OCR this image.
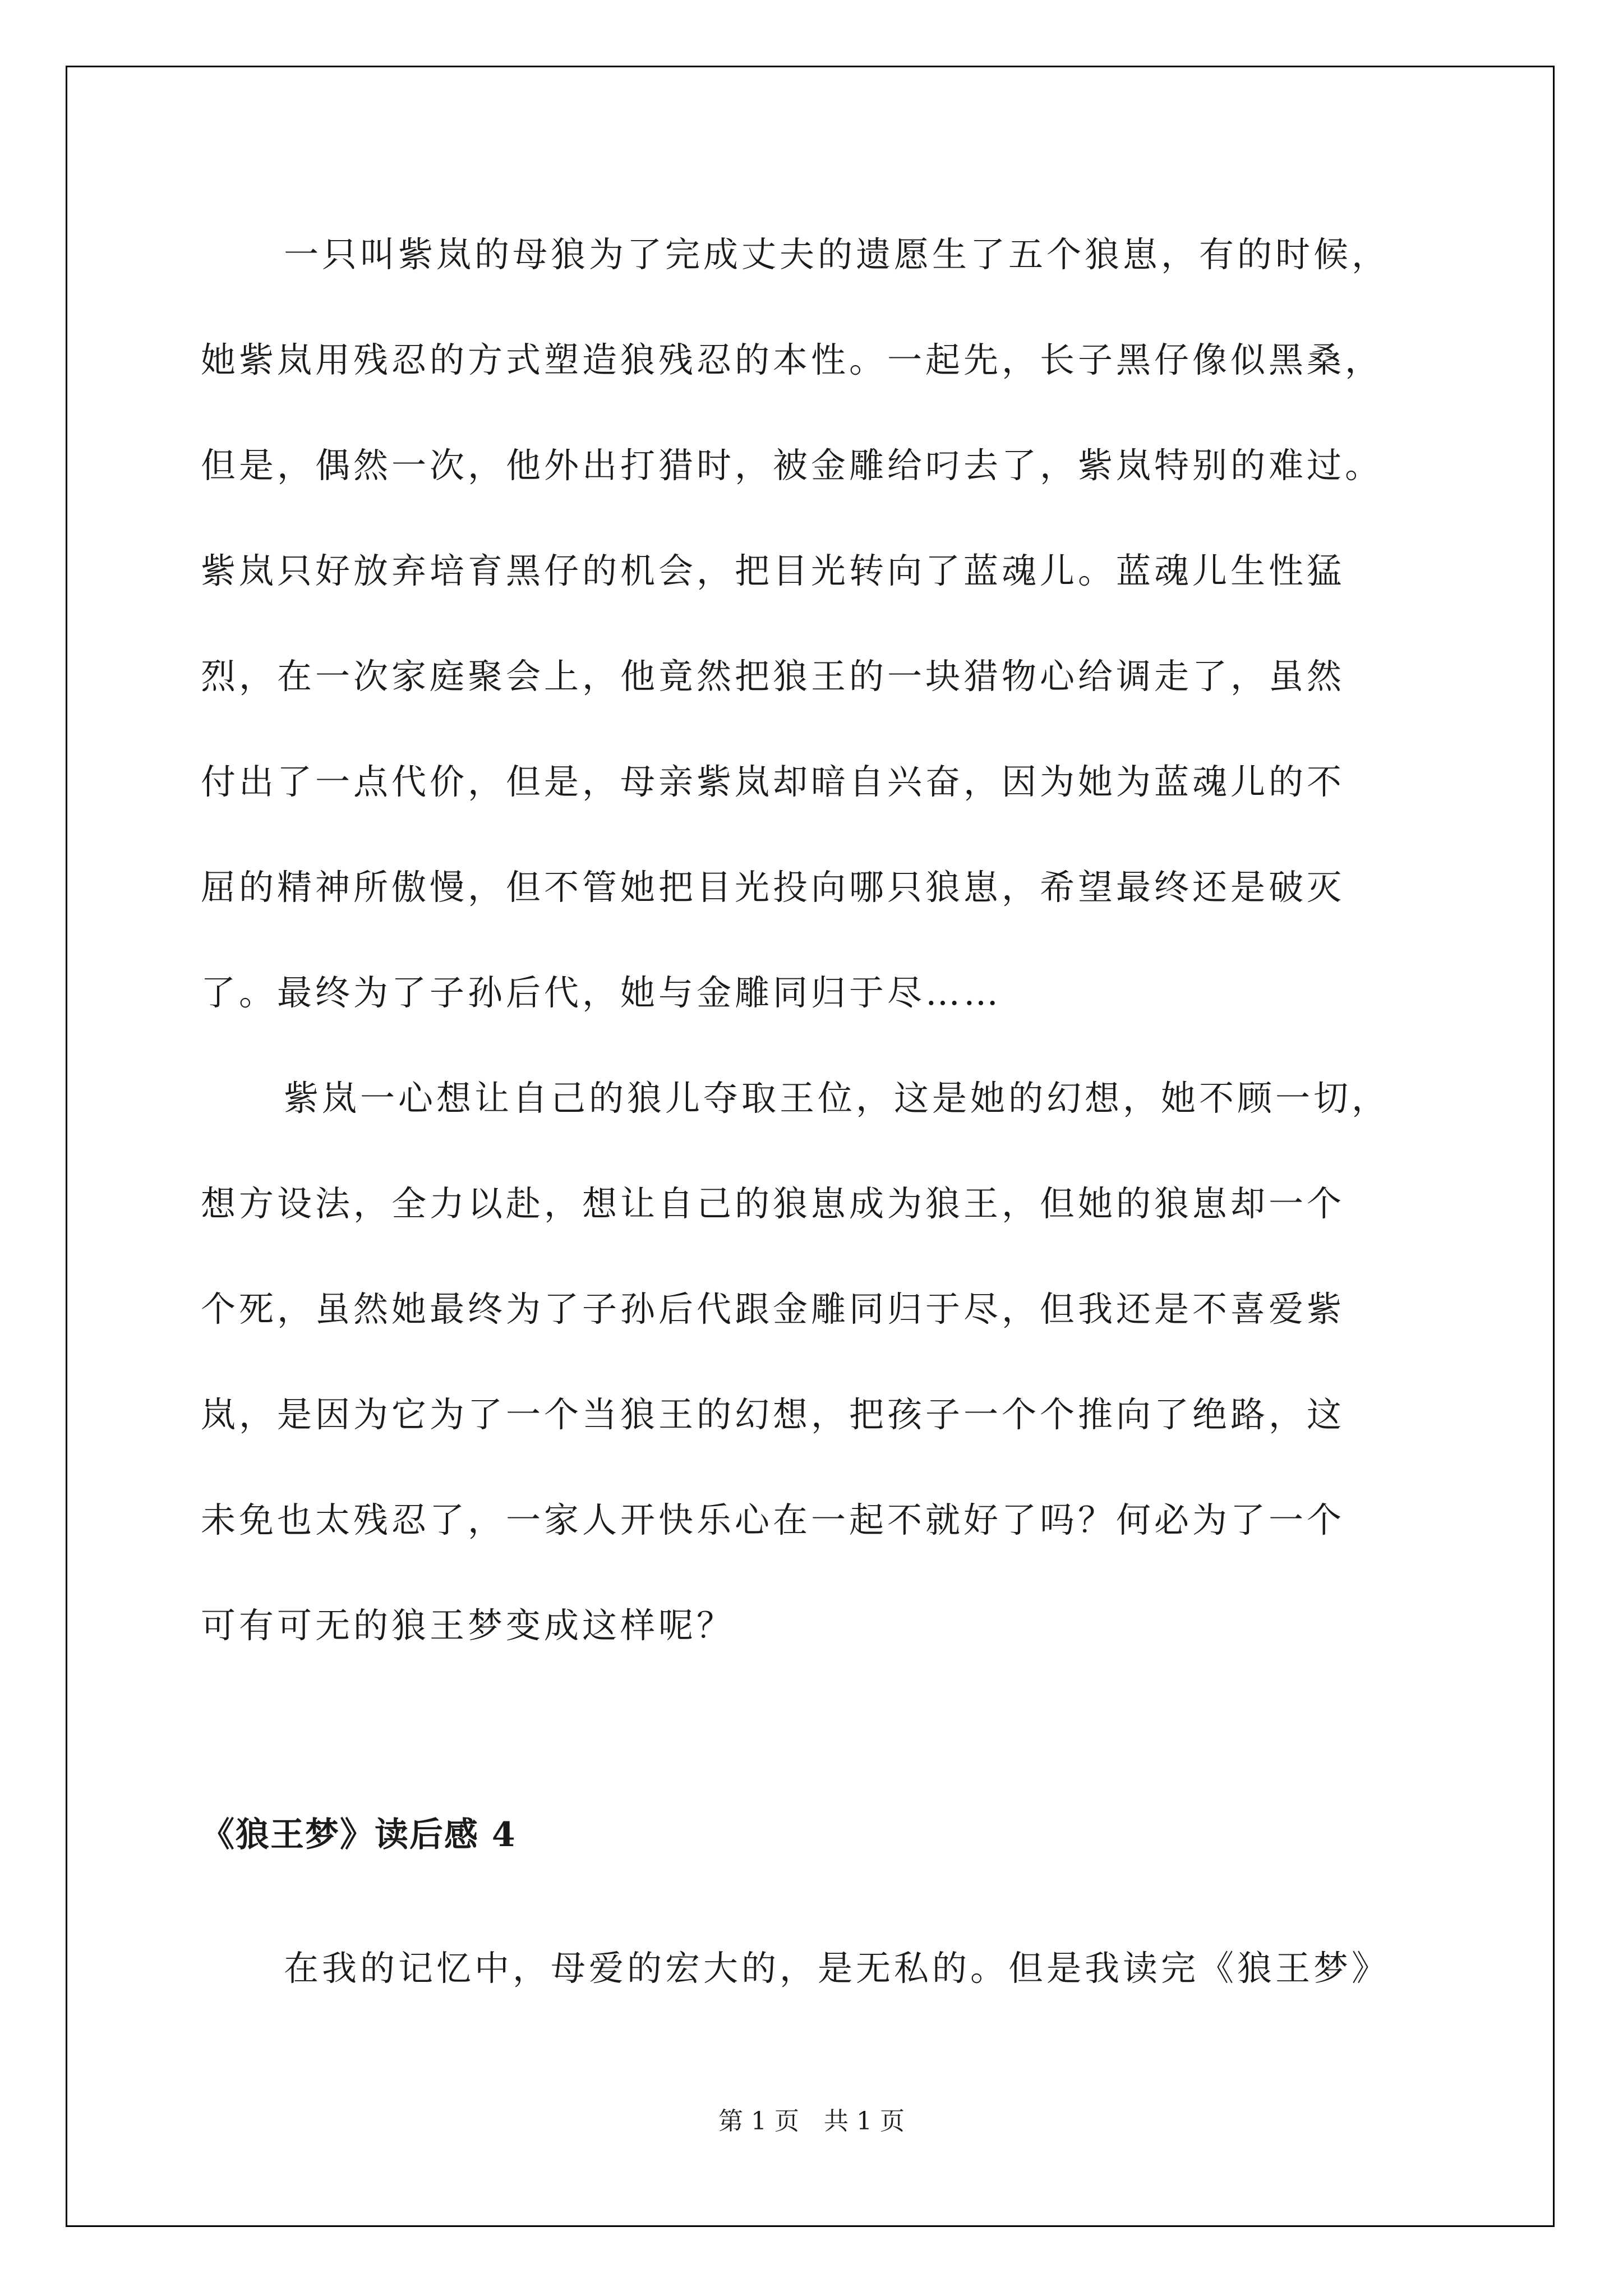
一只叫紫岚的母狼为了完成丈夫的遗愿生了五个狼崽，有的时候，

她紫岚用残忍的方式塑造狼残忍的本性。一起先，长子黑仔像似黑桑，

但是，偶然一次，他外出打猎时，被金雕给叼去了，紫岚特别的难过。

紫岚只好放弃培育黑仔的机会，把目光转向了蓝魂儿。蓝魂儿生性猛

烈，在一次家庭聚会上，他竟然把狼王的一块猎物心给调走了，虽然

付出了一点代价，但是，母亲紫岚却暗自兴奋，因为她为蓝魂儿的不

屈的精神所傲慢，但不管她把目光投向哪只狼崽，希望最终还是破灭

了。最终为了子孙后代，她与金雕同归于尽……

紫岚一心想让自己的狼儿夺取王位，这是她的幻想，她不顾一切，

想方设法，全力以赴，想让自己的狼崽成为狼王，但她的狼崽却一个

个死，虽然她最终为了子孙后代跟金雕同归于尽，但我还是不喜爱紫

岚，是因为它为了一个当狼王的幻想，把孩子一个个推向了绝路，这

未免也太残忍了，一家人开快乐心在一起不就好了吗？何必为了一个

可有可无的狼王梦变成这样呢？

《狼王梦》读后感 4

在我的记忆中，母爱的宏大的，是无私的。但是我读完《狼王梦》

第 1 页　共 1 页
